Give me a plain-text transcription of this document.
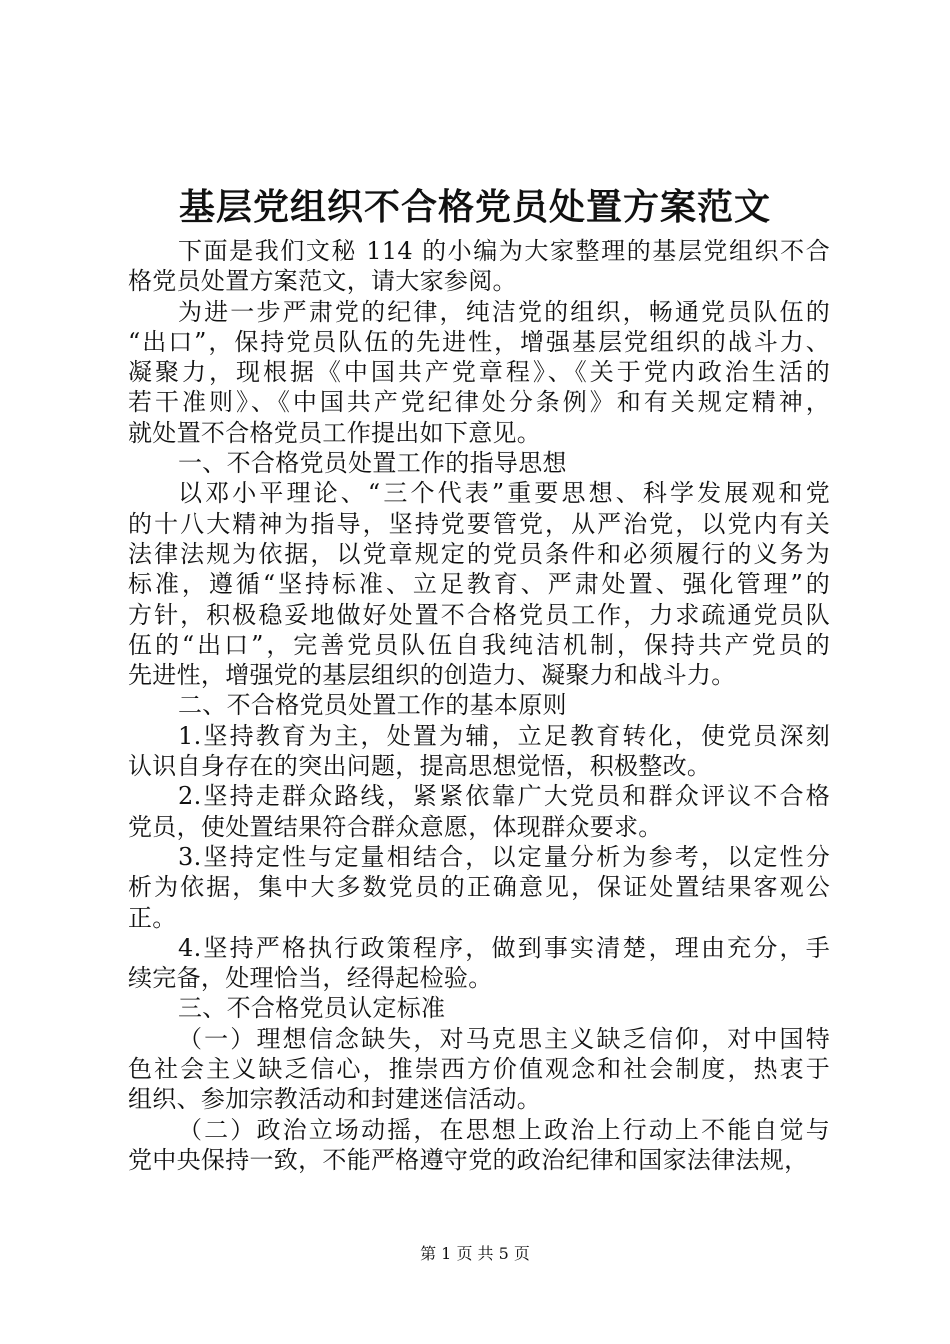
基层党组织不合格党员处置方案范文
下面是我们文秘 114 的小编为大家整理的基层党组织不合
格党员处置方案范文，请大家参阅。
为进一步严肃党的纪律，纯洁党的组织，畅通党员队伍的
“出口”，保持党员队伍的先进性，增强基层党组织的战斗力、
凝聚力，现根据《中国共产党章程》、《关于党内政治生活的
若干准则》、《中国共产党纪律处分条例》和有关规定精神，
就处置不合格党员工作提出如下意见。
一、不合格党员处置工作的指导思想
以邓小平理论、“三个代表”重要思想、科学发展观和党
的十八大精神为指导，坚持党要管党，从严治党，以党内有关
法律法规为依据，以党章规定的党员条件和必须履行的义务为
标准，遵循“坚持标准、立足教育、严肃处置、强化管理”的
方针，积极稳妥地做好处置不合格党员工作，力求疏通党员队
伍的“出口”，完善党员队伍自我纯洁机制，保持共产党员的
先进性，增强党的基层组织的创造力、凝聚力和战斗力。
二、不合格党员处置工作的基本原则
1.坚持教育为主，处置为辅，立足教育转化，使党员深刻
认识自身存在的突出问题，提高思想觉悟，积极整改。
2.坚持走群众路线，紧紧依靠广大党员和群众评议不合格
党员，使处置结果符合群众意愿，体现群众要求。
3.坚持定性与定量相结合，以定量分析为参考，以定性分
析为依据，集中大多数党员的正确意见，保证处置结果客观公
正。
4.坚持严格执行政策程序，做到事实清楚，理由充分，手
续完备，处理恰当，经得起检验。
三、不合格党员认定标准
（一）理想信念缺失，对马克思主义缺乏信仰，对中国特
色社会主义缺乏信心，推崇西方价值观念和社会制度，热衷于
组织、参加宗教活动和封建迷信活动。
（二）政治立场动摇，在思想上政治上行动上不能自觉与
党中央保持一致，不能严格遵守党的政治纪律和国家法律法规，
第 1 页 共 5 页
